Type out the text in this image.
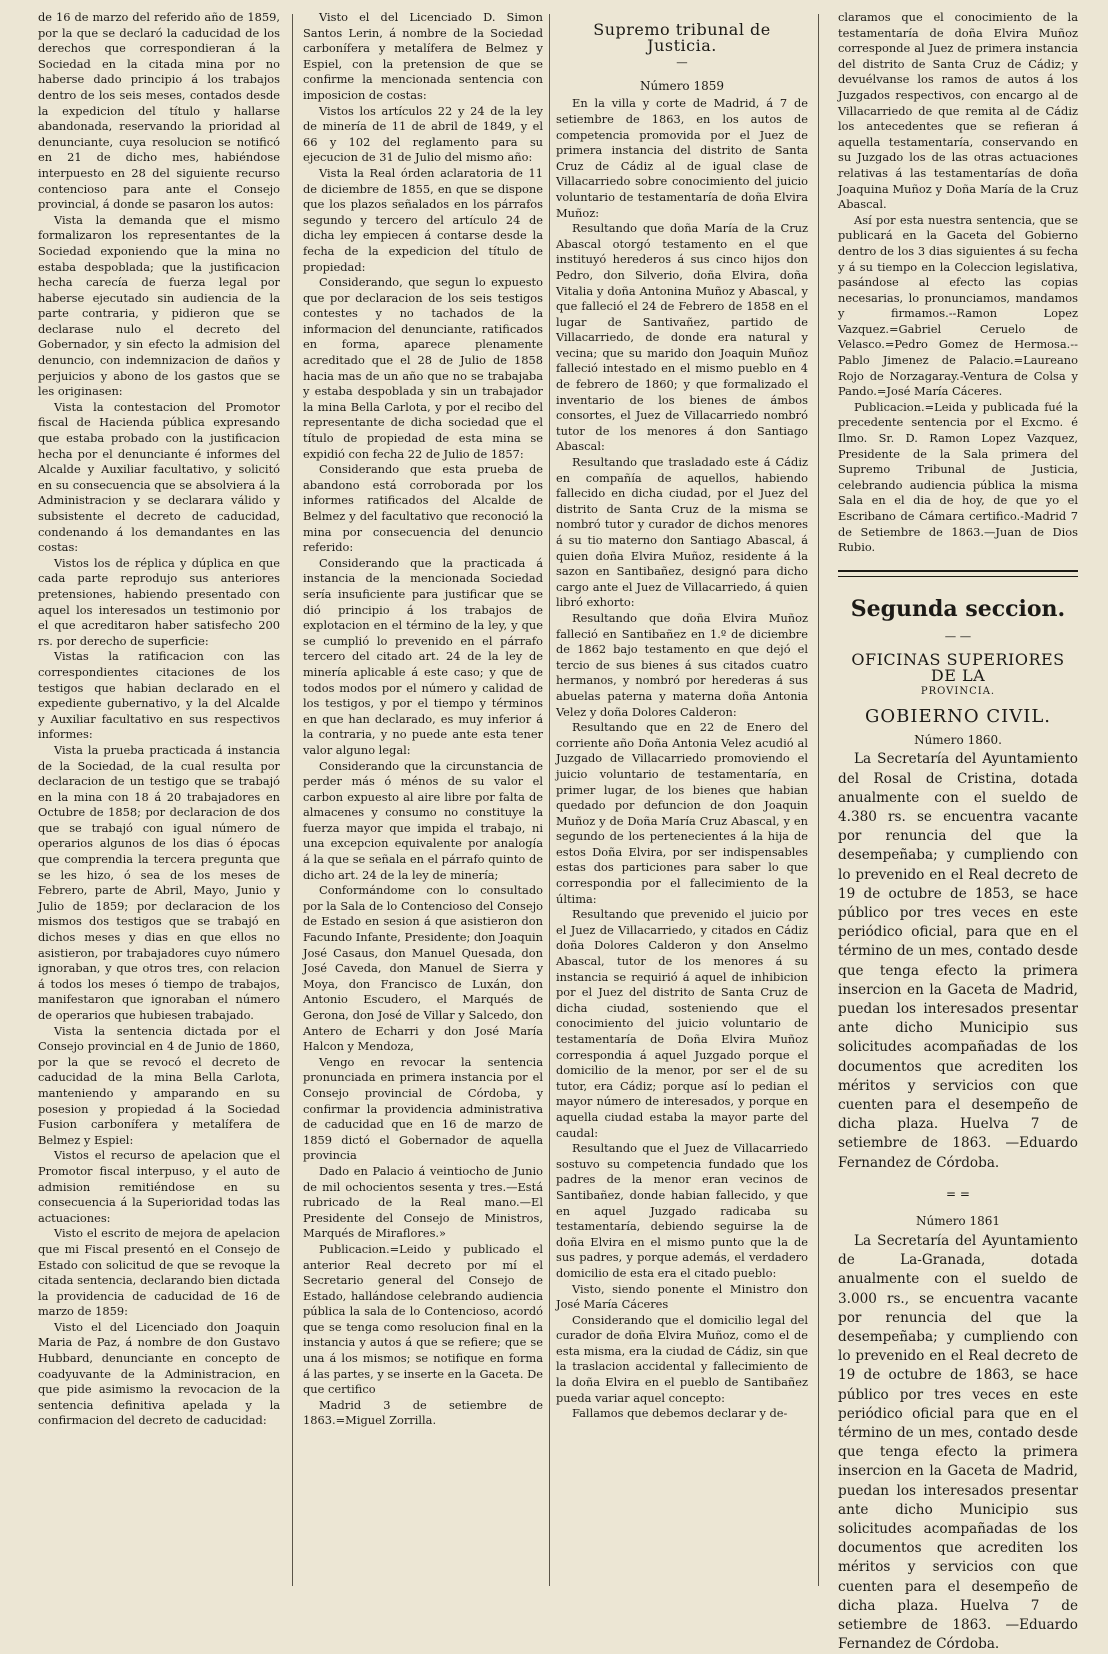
de 16 de marzo del referido año de 1859, por la que se declaró la caducidad de los derechos que correspondieran á la Sociedad en la citada mina por no haberse dado principio á los trabajos dentro de los seis meses, contados desde la expedicion del título y hallarse abandonada, reservando la prioridad al denunciante, cuya resolucion se notificó en 21 de dicho mes, habiéndose interpuesto en 28 del siguiente recurso contencioso para ante el Consejo provincial, á donde se pasaron los autos:

Vista la demanda que el mismo formalizaron los representantes de la Sociedad exponiendo que la mina no estaba despoblada; que la justificacion hecha carecía de fuerza legal por haberse ejecutado sin audiencia de la parte contraria, y pidieron que se declarase nulo el decreto del Gobernador, y sin efecto la admision del denuncio, con indemnizacion de daños y perjuicios y abono de los gastos que se les originasen:

Vista la contestacion del Promotor fiscal de Hacienda pública expresando que estaba probado con la justificacion hecha por el denunciante é informes del Alcalde y Auxiliar facultativo, y solicitó en su consecuencia que se absolviera á la Administracion y se declarara válido y subsistente el decreto de caducidad, condenando á los demandantes en las costas:

Vistos los de réplica y dúplica en que cada parte reprodujo sus anteriores pretensiones, habiendo presentado con aquel los interesados un testimonio por el que acreditaron haber satisfecho 200 rs. por derecho de superficie:

Vistas la ratificacion con las correspondientes citaciones de los testigos que habian declarado en el expediente gubernativo, y la del Alcalde y Auxiliar facultativo en sus respectivos informes:

Vista la prueba practicada á instancia de la Sociedad, de la cual resulta por declaracion de un testigo que se trabajó en la mina con 18 á 20 trabajadores en Octubre de 1858; por declaracion de dos que se trabajó con igual número de operarios algunos de los dias ó épocas que comprendia la tercera pregunta que se les hizo, ó sea de los meses de Febrero, parte de Abril, Mayo, Junio y Julio de 1859; por declaracion de los mismos dos testigos que se trabajó en dichos meses y dias en que ellos no asistieron, por trabajadores cuyo número ignoraban, y que otros tres, con relacion á todos los meses ó tiempo de trabajos, manifestaron que ignoraban el número de operarios que hubiesen trabajado.

Vista la sentencia dictada por el Consejo provincial en 4 de Junio de 1860, por la que se revocó el decreto de caducidad de la mina Bella Carlota, manteniendo y amparando en su posesion y propiedad á la Sociedad Fusion carbonífera y metalífera de Belmez y Espiel:

Vistos el recurso de apelacion que el Promotor fiscal interpuso, y el auto de admision remitiéndose en su consecuencia á la Superioridad todas las actuaciones:

Visto el escrito de mejora de apelacion que mi Fiscal presentó en el Consejo de Estado con solicitud de que se revoque la citada sentencia, declarando bien dictada la providencia de caducidad de 16 de marzo de 1859:

Visto el del Licenciado don Joaquin Maria de Paz, á nombre de don Gustavo Hubbard, denunciante en concepto de coadyuvante de la Administracion, en que pide asimismo la revocacion de la sentencia definitiva apelada y la confirmacion del decreto de caducidad:

Visto el del Licenciado D. Simon Santos Lerin, á nombre de la Sociedad carbonífera y metalífera de Belmez y Espiel, con la pretension de que se confirme la mencionada sentencia con imposicion de costas:

Vistos los artículos 22 y 24 de la ley de minería de 11 de abril de 1849, y el 66 y 102 del reglamento para su ejecucion de 31 de Julio del mismo año:

Vista la Real órden aclaratoria de 11 de diciembre de 1855, en que se dispone que los plazos señalados en los párrafos segundo y tercero del artículo 24 de dicha ley empiecen á contarse desde la fecha de la expedicion del título de propiedad:

Considerando, que segun lo expuesto que por declaracion de los seis testigos contestes y no tachados de la informacion del denunciante, ratificados en forma, aparece plenamente acreditado que el 28 de Julio de 1858 hacia mas de un año que no se trabajaba y estaba despoblada y sin un trabajador la mina Bella Carlota, y por el recibo del representante de dicha sociedad que el título de propiedad de esta mina se expidió con fecha 22 de Julio de 1857:

Considerando que esta prueba de abandono está corroborada por los informes ratificados del Alcalde de Belmez y del facultativo que reconoció la mina por consecuencia del denuncio referido:

Considerando que la practicada á instancia de la mencionada Sociedad sería insuficiente para justificar que se dió principio á los trabajos de explotacion en el término de la ley, y que se cumplió lo prevenido en el párrafo tercero del citado art. 24 de la ley de minería aplicable á este caso; y que de todos modos por el número y calidad de los testigos, y por el tiempo y términos en que han declarado, es muy inferior á la contraria, y no puede ante esta tener valor alguno legal:

Considerando que la circunstancia de perder más ó ménos de su valor el carbon expuesto al aire libre por falta de almacenes y consumo no constituye la fuerza mayor que impida el trabajo, ni una excepcion equivalente por analogía á la que se señala en el párrafo quinto de dicho art. 24 de la ley de minería;

Conformándome con lo consultado por la Sala de lo Contencioso del Consejo de Estado en sesion á que asistieron don Facundo Infante, Presidente; don Joaquin José Casaus, don Manuel Quesada, don José Caveda, don Manuel de Sierra y Moya, don Francisco de Luxán, don Antonio Escudero, el Marqués de Gerona, don José de Villar y Salcedo, don Antero de Echarri y don José María Halcon y Mendoza,

Vengo en revocar la sentencia pronunciada en primera instancia por el Consejo provincial de Córdoba, y confirmar la providencia administrativa de caducidad que en 16 de marzo de 1859 dictó el Gobernador de aquella provincia

Dado en Palacio á veintiocho de Junio de mil ochocientos sesenta y tres.—Está rubricado de la Real mano.—El Presidente del Consejo de Ministros, Marqués de Miraflores.»

Publicacion.=Leido y publicado el anterior Real decreto por mí el Secretario general del Consejo de Estado, hallándose celebrando audiencia pública la sala de lo Contencioso, acordó que se tenga como resolucion final en la instancia y autos á que se refiere; que se una á los mismos; se notifique en forma á las partes, y se inserte en la Gaceta. De que certifico

Madrid 3 de setiembre de 1863.=Miguel Zorrilla.

Supremo tribunal de Justicia.
—
Número 1859

En la villa y corte de Madrid, á 7 de setiembre de 1863, en los autos de competencia promovida por el Juez de primera instancia del distrito de Santa Cruz de Cádiz al de igual clase de Villacarriedo sobre conocimiento del juicio voluntario de testamentaría de doña Elvira Muñoz:

Resultando que doña María de la Cruz Abascal otorgó testamento en el que instituyó herederos á sus cinco hijos don Pedro, don Silverio, doña Elvira, doña Vitalia y doña Antonina Muñoz y Abascal, y que falleció el 24 de Febrero de 1858 en el lugar de Santivañez, partido de Villacarriedo, de donde era natural y vecina; que su marido don Joaquin Muñoz falleció intestado en el mismo pueblo en 4 de febrero de 1860; y que formalizado el inventario de los bienes de ámbos consortes, el Juez de Villacarriedo nombró tutor de los menores á don Santiago Abascal:

Resultando que trasladado este á Cádiz en compañía de aquellos, habiendo fallecido en dicha ciudad, por el Juez del distrito de Santa Cruz de la misma se nombró tutor y curador de dichos menores á su tio materno don Santiago Abascal, á quien doña Elvira Muñoz, residente á la sazon en Santibañez, designó para dicho cargo ante el Juez de Villacarriedo, á quien libró exhorto:

Resultando que doña Elvira Muñoz falleció en Santibañez en 1.º de diciembre de 1862 bajo testamento en que dejó el tercio de sus bienes á sus citados cuatro hermanos, y nombró por herederas á sus abuelas paterna y materna doña Antonia Velez y doña Dolores Calderon:

Resultando que en 22 de Enero del corriente año Doña Antonia Velez acudió al Juzgado de Villacarriedo promoviendo el juicio voluntario de testamentaría, en primer lugar, de los bienes que habian quedado por defuncion de don Joaquin Muñoz y de Doña María Cruz Abascal, y en segundo de los pertenecientes á la hija de estos Doña Elvira, por ser indispensables estas dos particiones para saber lo que correspondia por el fallecimiento de la última:

Resultando que prevenido el juicio por el Juez de Villacarriedo, y citados en Cádiz doña Dolores Calderon y don Anselmo Abascal, tutor de los menores á su instancia se requirió á aquel de inhibicion por el Juez del distrito de Santa Cruz de dicha ciudad, sosteniendo que el conocimiento del juicio voluntario de testamentaría de Doña Elvira Muñoz correspondia á aquel Juzgado porque el domicilio de la menor, por ser el de su tutor, era Cádiz; porque así lo pedian el mayor número de interesados, y porque en aquella ciudad estaba la mayor parte del caudal:

Resultando que el Juez de Villacarriedo sostuvo su competencia fundado que los padres de la menor eran vecinos de Santibañez, donde habian fallecido, y que en aquel Juzgado radicaba su testamentaría, debiendo seguirse la de doña Elvira en el mismo punto que la de sus padres, y porque además, el verdadero domicilio de esta era el citado pueblo:

Visto, siendo ponente el Ministro don José María Cáceres

Considerando que el domicilio legal del curador de doña Elvira Muñoz, como el de esta misma, era la ciudad de Cádiz, sin que la traslacion accidental y fallecimiento de la doña Elvira en el pueblo de Santibañez pueda variar aquel concepto:

Fallamos que debemos declarar y de-

claramos que el conocimiento de la testamentaría de doña Elvira Muñoz corresponde al Juez de primera instancia del distrito de Santa Cruz de Cádiz; y devuélvanse los ramos de autos á los Juzgados respectivos, con encargo al de Villacarriedo de que remita al de Cádiz los antecedentes que se refieran á aquella testamentaría, conservando en su Juzgado los de las otras actuaciones relativas á las testamentarías de doña Joaquina Muñoz y Doña María de la Cruz Abascal.

Así por esta nuestra sentencia, que se publicará en la Gaceta del Gobierno dentro de los 3 dias siguientes á su fecha y á su tiempo en la Coleccion legislativa, pasándose al efecto las copias necesarias, lo pronunciamos, mandamos y firmamos.--Ramon Lopez Vazquez.=Gabriel Ceruelo de Velasco.=Pedro Gomez de Hermosa.--Pablo Jimenez de Palacio.=Laureano Rojo de Norzagaray.-Ventura de Colsa y Pando.=José María Cáceres.

Publicacion.=Leida y publicada fué la precedente sentencia por el Excmo. é Ilmo. Sr. D. Ramon Lopez Vazquez, Presidente de la Sala primera del Supremo Tribunal de Justicia, celebrando audiencia pública la misma Sala en el dia de hoy, de que yo el Escribano de Cámara certifico.-Madrid 7 de Setiembre de 1863.—Juan de Dios Rubio.

Segunda seccion.
— —
OFICINAS SUPERIORES DE LA
PROVINCIA.
GOBIERNO CIVIL.
Número 1860.

La Secretaría del Ayuntamiento del Rosal de Cristina, dotada anualmente con el sueldo de 4.380 rs. se encuentra vacante por renuncia del que la desempeñaba; y cumpliendo con lo prevenido en el Real decreto de 19 de octubre de 1853, se hace público por tres veces en este periódico oficial, para que en el término de un mes, contado desde que tenga efecto la primera insercion en la Gaceta de Madrid, puedan los interesados presentar ante dicho Municipio sus solicitudes acompañadas de los documentos que acrediten los méritos y servicios con que cuenten para el desempeño de dicha plaza. Huelva 7 de setiembre de 1863. —Eduardo Fernandez de Córdoba.

= =
Número 1861

La Secretaría del Ayuntamiento de La-Granada, dotada anualmente con el sueldo de 3.000 rs., se encuentra vacante por renuncia del que la desempeñaba; y cumpliendo con lo prevenido en el Real decreto de 19 de octubre de 1863, se hace público por tres veces en este periódico oficial para que en el término de un mes, contado desde que tenga efecto la primera insercion en la Gaceta de Madrid, puedan los interesados presentar ante dicho Municipio sus solicitudes acompañadas de los documentos que acrediten los méritos y servicios con que cuenten para el desempeño de dicha plaza. Huelva 7 de setiembre de 1863. —Eduardo Fernandez de Córdoba.
